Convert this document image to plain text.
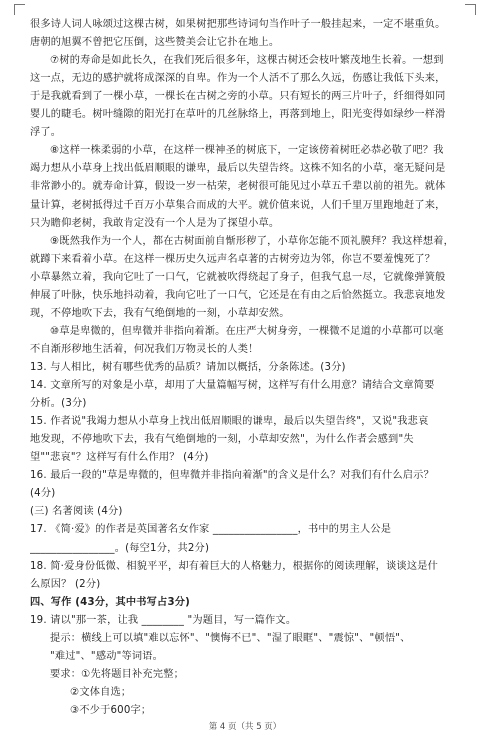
很多诗人词人咏颂过这棵古树，如果树把那些诗词句当作叶子一般挂起来，一定不堪重负。
唐朝的旭翼不曾把它压倒，这些赞美会让它扑在地上。
⑦树的寿命是如此长久，在我们死后很多年，这棵古树还会枝叶繁茂地生长着。一想到
这一点，无边的感护就将成深深的自卑。作为一个人活不了那么久远，伤感让我低下头来，
于是我就看到了一棵小草，一棵长在古树之旁的小草。只有短长的两三片叶子，纤细得如同
婴儿的睫毛。树叶缝隙的阳光打在草叶的几丝脉络上，再落到地上，阳光变得如绿纱一样滑
浮了。
⑧这样一株柔弱的小草，在这样一棵神圣的树底下，一定该傍着树旺必恭必敬了吧？我
竭力想从小草身上找出低眉顺眼的谦卑，最后以失望告终。这株不知名的小草，毫无疑问是
非常渺小的。就寿命计算，假设一岁一枯荣，老树很可能见过小草五千辈以前的祖先。就体
量计算，老树抵得过千百万小草集合而成的大平。就价值来说，人们千里万里跑地赶了来，
只为瞻仰老树，我敢肯定没有一个人是为了探望小草。
⑨既然我作为一个人，都在古树面前自惭形秽了，小草你怎能不顶礼膜拜？我这样想着，
就蹲下来看着小草。在这样一棵历史久远声名卓著的古树旁边为邻，你岂不要羞愧死了？
小草暴然立着，我向它吐了一口气，它就被吹得绕起了身子，但我气息一尽，它就像弹簧般
伸展了叶脉，快乐地抖动着，我向它吐了一口气，它还是在有由之后恰然挺立。我悲哀地发
现，不停地吹下去，我有气绝倒地的一刻，小草却安然。
⑩草是卑微的，但卑微并非指向着渐。在庄严大树身旁，一棵微不足道的小草都可以毫
不自渐形秽地生活着，何况我们万物灵长的人类！
13. 与人相比，树有哪些优秀的品质？请加以概括，分条陈述。(3分)
14. 文章所写的对象是小草，却用了大量篇幅写树，这样写有什么用意？请结合文章简要
分析。(3分)
15. 作者说"我竭力想从小草身上找出低眉顺眼的谦卑，最后以失望告终"，又说"我悲哀
地发现，不停地吹下去，我有气绝倒地的一刻，小草却安然"，为什么作者会感到"失
望""悲哀"？这样写有什么作用？ (4分)
16. 最后一段的"草是卑微的，但卑微并非指向着渐"的含义是什么？对我们有什么启示？
(4分)
(三) 名著阅读 (4分)
17. 《简·爱》的作者是英国著名女作家 ________________，书中的男主人公是
________________。(每空1分，共2分)
18. 简·爱身份低微、相貌平平，却有着巨大的人格魅力，根据你的阅读理解，谈谈这是什
么原因？ (2分)
四、写作 (43分，其中书写占3分)
19. 请以"那一茶，让我 ________ "为题目，写一篇作文。
提示：横线上可以填"难以忘怀"、"懊悔不已"、"湿了眼眶"、"震惊"、"顿悟"、
"难过"、"感动"等词语。
第 4 页（共 5 页）
要求：①先将题目补充完整；
②文体自选；
③不少于600字；
